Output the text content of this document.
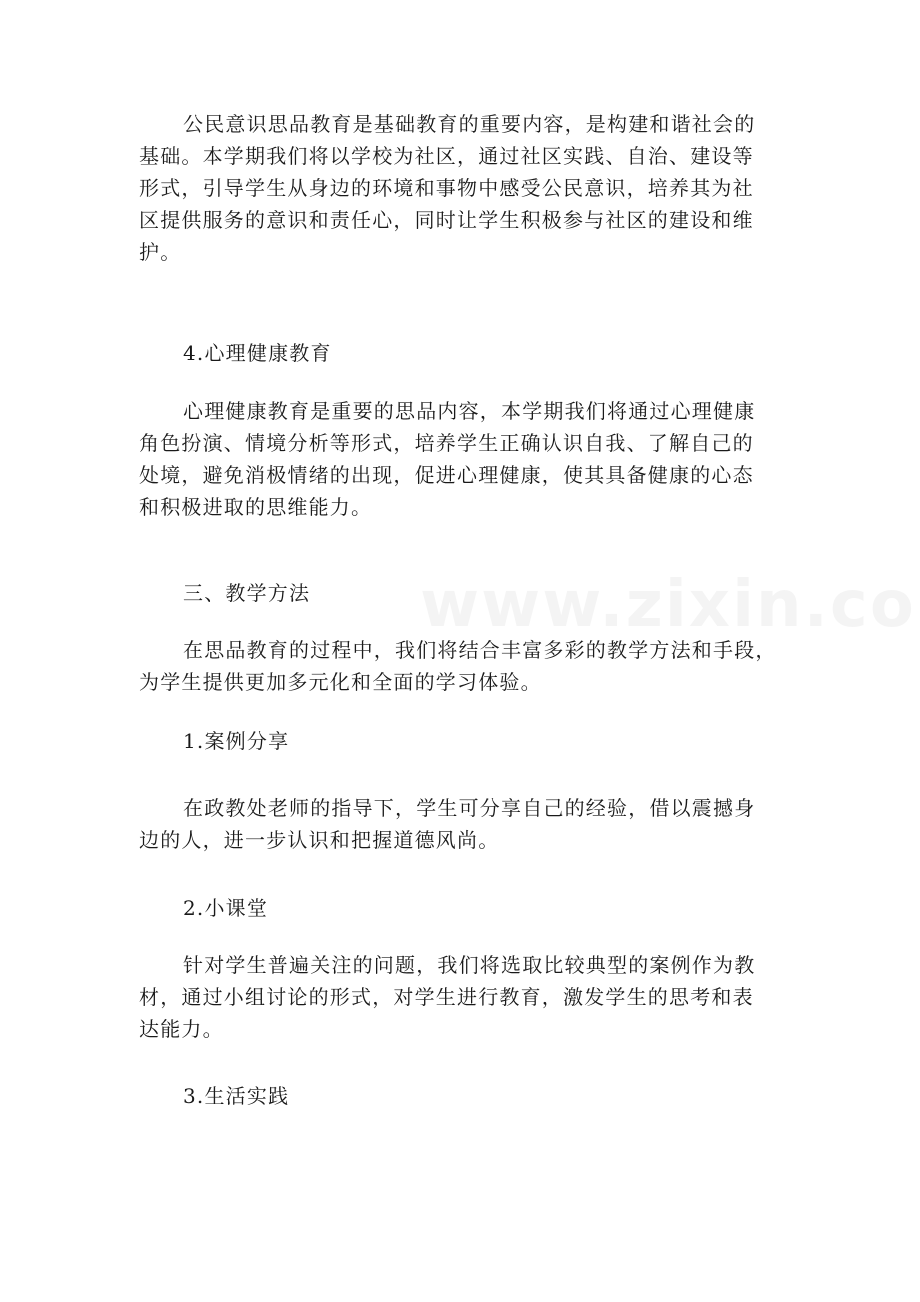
公民意识思品教育是基础教育的重要内容，是构建和谐社会的
基础。本学期我们将以学校为社区，通过社区实践、自治、建设等
形式，引导学生从身边的环境和事物中感受公民意识，培养其为社
区提供服务的意识和责任心，同时让学生积极参与社区的建设和维
护。

4.心理健康教育

心理健康教育是重要的思品内容，本学期我们将通过心理健康
角色扮演、情境分析等形式，培养学生正确认识自我、了解自己的
处境，避免消极情绪的出现，促进心理健康，使其具备健康的心态
和积极进取的思维能力。

三、教学方法

在思品教育的过程中，我们将结合丰富多彩的教学方法和手段，
为学生提供更加多元化和全面的学习体验。

1.案例分享

在政教处老师的指导下，学生可分享自己的经验，借以震撼身
边的人，进一步认识和把握道德风尚。

2.小课堂

针对学生普遍关注的问题，我们将选取比较典型的案例作为教
材，通过小组讨论的形式，对学生进行教育，激发学生的思考和表
达能力。

3.生活实践
